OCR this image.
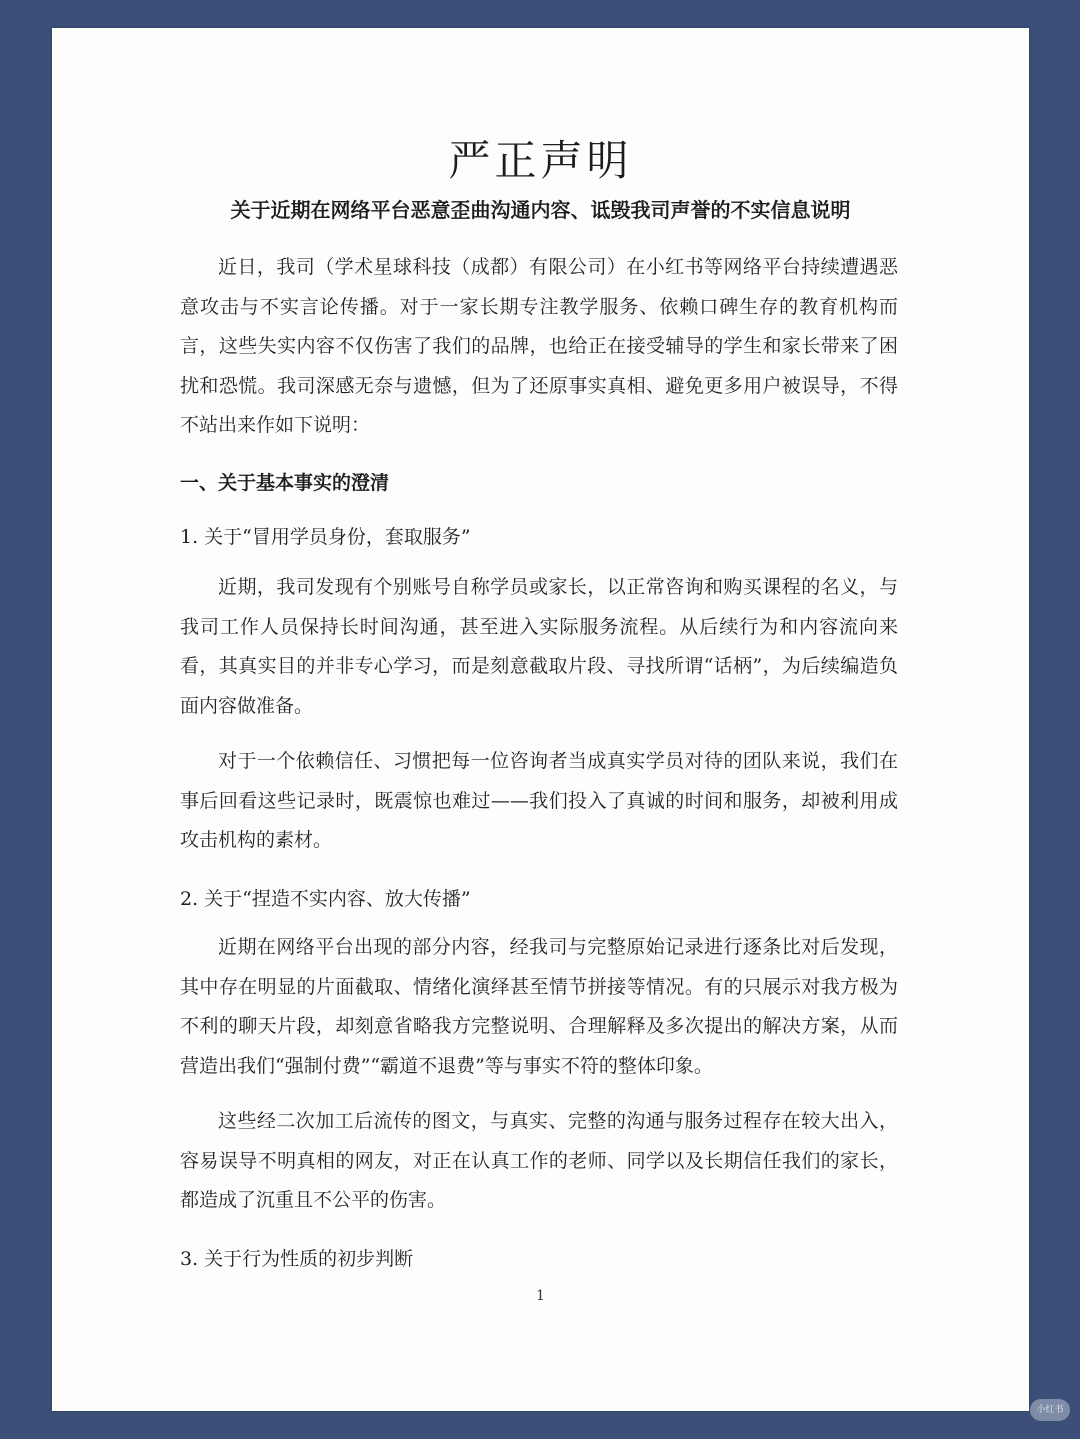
严正声明
关于近期在网络平台恶意歪曲沟通内容、诋毁我司声誉的不实信息说明

近日，我司（学术星球科技（成都）有限公司）在小红书等网络平台持续遭遇恶意攻击与不实言论传播。对于一家长期专注教学服务、依赖口碑生存的教育机构而言，这些失实内容不仅伤害了我们的品牌，也给正在接受辅导的学生和家长带来了困扰和恐慌。我司深感无奈与遗憾，但为了还原事实真相、避免更多用户被误导，不得不站出来作如下说明：

一、关于基本事实的澄清
1. 关于“冒用学员身份，套取服务”

近期，我司发现有个别账号自称学员或家长，以正常咨询和购买课程的名义，与我司工作人员保持长时间沟通，甚至进入实际服务流程。从后续行为和内容流向来看，其真实目的并非专心学习，而是刻意截取片段、寻找所谓“话柄”，为后续编造负面内容做准备。

对于一个依赖信任、习惯把每一位咨询者当成真实学员对待的团队来说，我们在事后回看这些记录时，既震惊也难过——我们投入了真诚的时间和服务，却被利用成攻击机构的素材。

2. 关于“捏造不实内容、放大传播”

近期在网络平台出现的部分内容，经我司与完整原始记录进行逐条比对后发现，其中存在明显的片面截取、情绪化演绎甚至情节拼接等情况。有的只展示对我方极为不利的聊天片段，却刻意省略我方完整说明、合理解释及多次提出的解决方案，从而营造出我们“强制付费”“霸道不退费”等与事实不符的整体印象。

这些经二次加工后流传的图文，与真实、完整的沟通与服务过程存在较大出入，容易误导不明真相的网友，对正在认真工作的老师、同学以及长期信任我们的家长，都造成了沉重且不公平的伤害。

3. 关于行为性质的初步判断
1
小红书
